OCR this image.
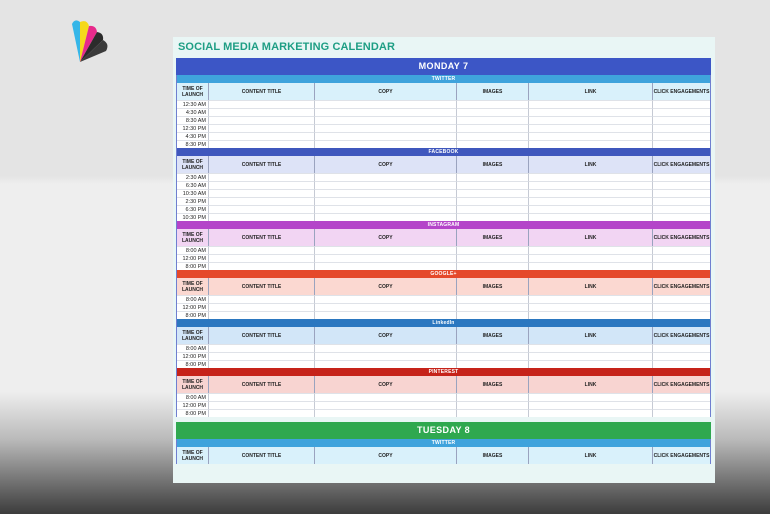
SOCIAL MEDIA MARKETING CALENDAR
MONDAY 7
TWITTER
TIME OF LAUNCH	CONTENT TITLE	COPY	IMAGES	LINK	CLICK ENGAGEMENTS
12:30 AM
4:30 AM
8:30 AM
12:30 PM
4:30 PM
8:30 PM
FACEBOOK
TIME OF LAUNCH	CONTENT TITLE	COPY	IMAGES	LINK	CLICK ENGAGEMENTS
2:30 AM
6:30 AM
10:30 AM
2:30 PM
6:30 PM
10:30 PM
INSTAGRAM
TIME OF LAUNCH	CONTENT TITLE	COPY	IMAGES	LINK	CLICK ENGAGEMENTS
8:00 AM
12:00 PM
8:00 PM
GOOGLE+
TIME OF LAUNCH	CONTENT TITLE	COPY	IMAGES	LINK	CLICK ENGAGEMENTS
8:00 AM
12:00 PM
8:00 PM
LinkedIn
TIME OF LAUNCH	CONTENT TITLE	COPY	IMAGES	LINK	CLICK ENGAGEMENTS
8:00 AM
12:00 PM
8:00 PM
PINTEREST
TIME OF LAUNCH	CONTENT TITLE	COPY	IMAGES	LINK	CLICK ENGAGEMENTS
8:00 AM
12:00 PM
8:00 PM
TUESDAY 8
TWITTER
TIME OF LAUNCH	CONTENT TITLE	COPY	IMAGES	LINK	CLICK ENGAGEMENTS
